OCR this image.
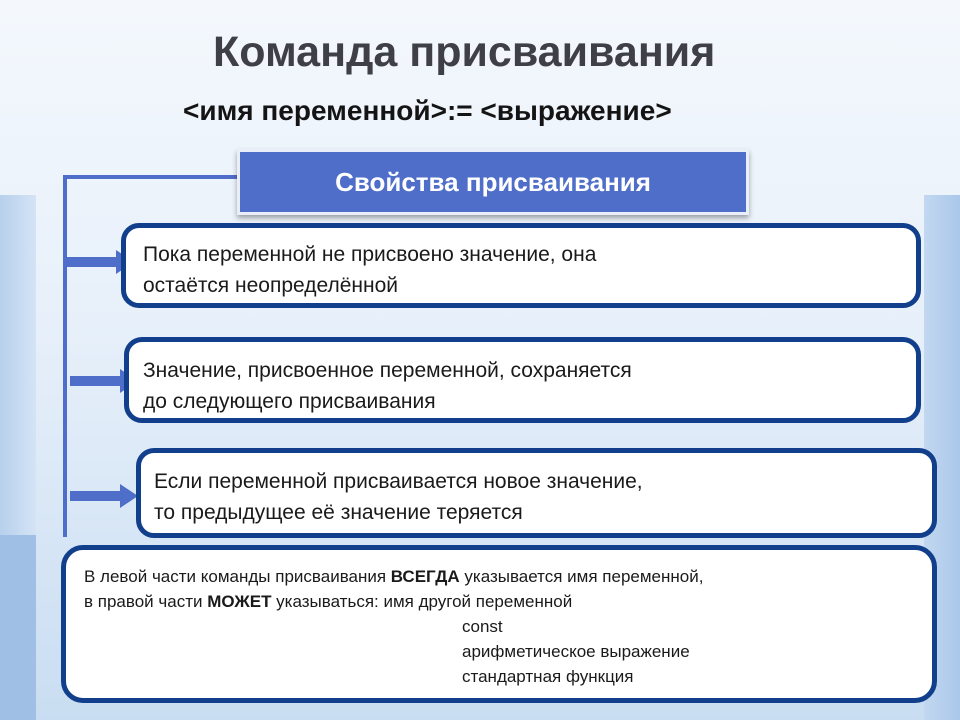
Команда присваивания
<имя переменной>:= <выражение>
Свойства присваивания
Пока переменной не присвоено значение, она
остаётся неопределённой
Значение, присвоенное переменной, сохраняется
до следующего присваивания
Если переменной присваивается новое значение,
то предыдущее её значение теряется
В левой части команды присваивания ВСЕГДА указывается имя переменной,
в правой части МОЖЕТ указываться: имя другой переменной
const
арифметическое выражение
стандартная функция
